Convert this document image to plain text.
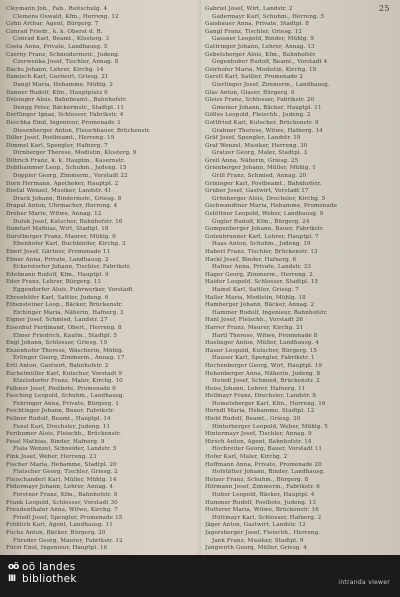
25
Cleymann Joh., Fab., Reitschulg. 4
Clemens Oswald, Kfm., Herreng. 12
Cohn Arthur, Agent, Bürgerg. 7
Conrad Friedr., k. k. Oberst d. R.
Conrad Karl, Beamt., Klosterg. 3
Costa Anna, Private, Landhausg. 5
Czerny Franz, Schneidermstr., Judeng.
Czerwenka Josef, Tischler, Annag. 8
Dachs Johann, Lehrer, Kirchg. 14
Damisch Karl, Gastwirt, Griesg. 21
Dangl Maria, Hebamme, Mühlg. 2
Danner Rudolf, Kfm., Hauptplatz 6
Deisinger Alois, Bahnbeamt., Bahnhofstr.
Dengg Peter, Bäckermstr., Stadtpl. 11
Derflinger Ignaz, Schlosser, Fabrikstr. 4
Deschka Emil, Ingenieur, Promenade 3
Diesenberger Anton, Fleischhauer, Brückenstr.
Diller Josef, Postbeamt., Herreng. 19
Dimmel Karl, Spengler, Hafnerg. 7
Dirnberger Therese, Modistin, Klosterg. 9
Dittrich Franz, k. k. Hauptm., Kasernstr.
Doblhammer Leop., Schuhm., Judeng. 15
Doppler Georg, Zimmerm., Vorstadt 22
Dorn Hermann, Apotheker, Hauptpl. 2
Dostal Wenzel, Musiker, Landstr. 41
Drack Johann, Bindermstr., Griesg. 8
Drapal Anton, Uhrmacher, Herreng. 4
Dreher Marie, Witwe, Annag. 12
Dufek Josef, Kutscher, Bahnhofstr. 16
Dumfart Mathias, Wirt, Stadtpl. 18
Durstberger Franz, Maurer, Mühlg. 6
Ebenhofer Karl, Buchbinder, Kirchg. 3
Eberl Josef, Gärtner, Promenade 11
Ebner Anna, Private, Landhausg. 2
Eckerstorfer Johann, Tischler, Fabrikstr.
Edelmann Rudolf, Kfm., Hauptpl. 9
Eder Franz, Lehrer, Bürgerg. 13
Eggendorfer Alois, Fuhrwerker, Vorstadt
Ehrenhöfer Karl, Sattler, Judeng. 6
Eibensteiner Leop., Bäcker, Brückenstr.
Eichinger Maria, Näherin, Hafnerg. 3
Eigner Josef, Schmied, Landstr. 27
Eisenhut Ferdinand, Oberl., Herreng. 8
Elmer Friedrich, Kaufm., Stadtpl. 5
Engl Johann, Schlosser, Griesg. 19
Enzenhofer Therese, Wäscherin, Mühlg.
Erlinger Georg, Zimmerm., Annag. 17
Ertl Anton, Gastwirt, Bahnhofstr. 2
Eschelmüller Karl, Kutscher, Vorstadt 9
Etzelsdorfer Franz, Maler, Kirchg. 10
Falkner Josef, Postbote, Promenade 6
Fasching Leopold, Schuhm., Landhausg.
Fehringer Anna, Private, Bürgerg. 1
Feichtinger Johann, Bauer, Fabrikstr.
Fellner Rudolf, Beamt., Hauptpl. 14
Fenzl Karl, Drechsler, Judeng. 11
Ferihumer Alois, Fleischh., Brückenstr.
Fessl Mathias, Binder, Hafnerg. 9
Fiala Wenzel, Schneider, Landstr. 5
Fink Josef, Weber, Herreng. 23
Fischer Maria, Hebamme, Stadtpl. 20
Flatscher Georg, Tischler, Griesg. 2
Fleischanderl Karl, Müller, Mühlg. 14
Födermayr Johann, Lehrer, Annag. 4
Forstner Franz, Kfm., Bahnhofstr. 8
Frank Leopold, Schlosser, Vorstadt 30
Freudenthaler Anna, Witwe, Kirchg. 7
Friedl Josef, Spengler, Promenade 15
Fröhlich Karl, Agent, Landhausg. 11
Fuchs Anton, Bäcker, Bürgerg. 20
Füreder Georg, Maurer, Fabrikstr. 12
Fürst Emil, Ingenieur, Hauptpl. 16
Gabriel Josef, Wirt, Landstr. 2
Gadermayr Karl, Schuhm., Herreng. 5
Gaisbauer Anna, Private, Stadtpl. 8
Gangl Franz, Tischler, Griesg. 12
Gassner Leopold, Binder, Mühlg. 9
Gattringer Johann, Lehrer, Annag. 13
Gebetsberger Alois, Kfm., Bahnhofstr.
Gegenhuber Rudolf, Beamt., Vorstadt 4
Geirhofer Maria, Modistin, Kirchg. 18
Gerstl Karl, Sattler, Promenade 2
Gierlinger Josef, Zimmerm., Landhausg.
Glas Anton, Glaser, Bürgerg. 6
Gleiss Franz, Schlosser, Fabrikstr. 20
Gmeiner Johann, Bäcker, Hauptpl. 11
Gölles Leopold, Fleischh., Judeng. 2
Gottfried Karl, Kutscher, Brückenstr. 9
Grabner Therese, Witwe, Hafnerg. 14
Gräf Josef, Spengler, Landstr. 19
Graf Wenzel, Musiker, Herreng. 30
Gratzer Georg, Maler, Stadtpl. 3
Greil Anna, Näherin, Griesg. 25
Grienberger Johann, Müller, Mühlg. 1
Grill Franz, Schmied, Annag. 20
Grininger Karl, Postbeamt., Bahnhofstr.
Gruber Josef, Gastwirt, Vorstadt 17
Grünberger Alois, Drechsler, Kirchg. 5
Gschwandtner Maria, Hebamme, Promenade
Gstöttner Leopold, Weber, Landhausg. 9
Gugler Rudolf, Kfm., Bürgerg. 24
Gumpenberger Johann, Bauer, Fabrikstr.
Gutenbrunner Karl, Lehrer, Hauptpl. 7
Haas Anton, Schuhm., Judeng. 19
Haberl Franz, Tischler, Brückenstr. 13
Hackl Josef, Binder, Hafnerg. 6
Hafner Anna, Private, Landstr. 33
Hager Georg, Zimmerm., Herreng. 2
Haider Leopold, Schlosser, Stadtpl. 15
Hainzl Karl, Sattler, Griesg. 7
Haller Maria, Modistin, Mühlg. 18
Hamberger Johann, Bäcker, Annag. 2
Hammer Rudolf, Ingenieur, Bahnhofstr.
Hanl Josef, Fleischh., Vorstadt 26
Harrer Franz, Maurer, Kirchg. 21
Hartl Therese, Witwe, Promenade 8
Haslinger Anton, Müller, Landhausg. 4
Hauer Leopold, Kutscher, Bürgerg. 15
Hauser Karl, Spengler, Fabrikstr. 1
Hechenberger Georg, Wirt, Hauptpl. 19
Hehenberger Anna, Näherin, Judeng. 8
Heindl Josef, Schmied, Brückenstr. 2
Heiss Johann, Lehrer, Hafnerg. 11
Hellmayr Franz, Drechsler, Landstr. 8
Hemetsberger Karl, Kfm., Herreng. 16
Herndl Maria, Hebamme, Stadtpl. 12
Hiebl Rudolf, Beamt., Griesg. 30
Hinterberger Leopold, Weber, Mühlg. 5
Hintermayr Josef, Tischler, Annag. 9
Hirsch Anton, Agent, Bahnhofstr. 14
Hochreiter Georg, Bauer, Vorstadt 11
Hofer Karl, Maler, Kirchg. 2
Hoffmann Anna, Private, Promenade 20
Hofstätter Johann, Binder, Landhausg.
Holzer Franz, Schuhm., Bürgerg. 8
Hörmann Josef, Zimmerm., Fabrikstr. 6
Huber Leopold, Bäcker, Hauptpl. 4
Hummer Rudolf, Postbote, Judeng. 13
Hutterer Maria, Witwe, Brückenstr. 16
Hüttmayr Karl, Schlosser, Hafnerg. 2
Jäger Anton, Gastwirt, Landstr. 12
Jagersberger Josef, Fleischh., Herreng.
Jank Franz, Musiker, Stadtpl. 9
Jungwirth Georg, Müller, Griesg. 4
oö oö landes
III bibliothek	intranda viewer
